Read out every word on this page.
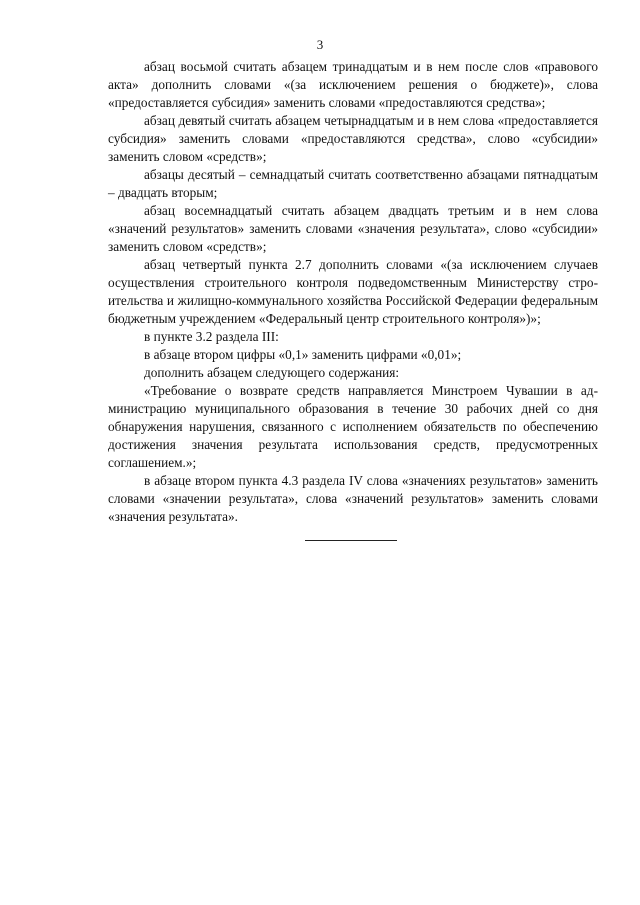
3

абзац восьмой считать абзацем тринадцатым и в нем после слов «правового акта» дополнить словами «(за исключением решения о бюджете)», слова «предоставляется субсидия» заменить словами «предоставляются средства»;

абзац девятый считать абзацем четырнадцатым и в нем слова «предоставляется субсидия» заменить словами «предоставляются средства», слово «субсидии» заменить словом «средств»;

абзацы десятый – семнадцатый считать соответственно абзацами пятнадцатым – двадцать вторым;

абзац восемнадцатый считать абзацем двадцать третьим и в нем слова «значений результатов» заменить словами «значения результата», слово «субсидии» заменить словом «средств»;

абзац четвертый пункта 2.7 дополнить словами «(за исключением случаев осуществления строительного контроля подведомственным Министерству строительства и жилищно-коммунального хозяйства Российской Федерации федеральным бюджетным учреждением «Федеральный центр строительного контроля»)»;

в пункте 3.2 раздела III:

в абзаце втором цифры «0,1» заменить цифрами «0,01»;

дополнить абзацем следующего содержания:

«Требование о возврате средств направляется Минстроем Чувашии в администрацию муниципального образования в течение 30 рабочих дней со дня обнаружения нарушения, связанного с исполнением обязательств по обеспечению достижения значения результата использования средств, предусмотренных соглашением.»;

в абзаце втором пункта 4.3 раздела IV слова «значениях результатов» заменить словами «значении результата», слова «значений результатов» заменить словами «значения результата».
